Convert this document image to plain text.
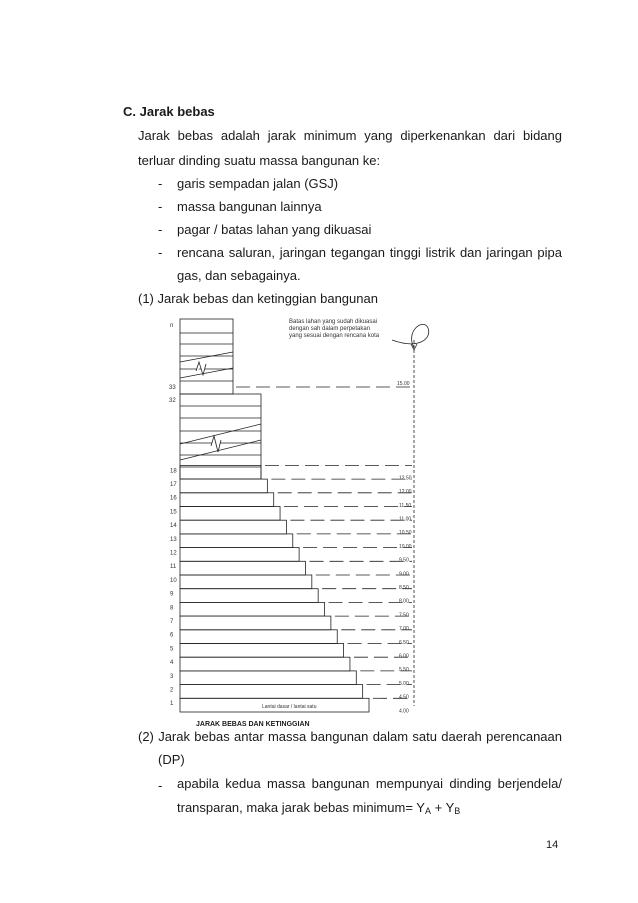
C. Jarak bebas
Jarak bebas adalah jarak minimum yang diperkenankan dari bidang
terluar dinding suatu massa bangunan ke:
- garis sempadan jalan (GSJ)
- massa bangunan lainnya
- pagar / batas lahan yang dikuasai
- rencana saluran, jaringan tegangan tinggi listrik dan jaringan pipa
gas, dan sebagainya.
(1) Jarak bebas dan ketinggian bangunan
1
2
3
4
5
6
7
8
9
10
11
12
13
14
15
16
17
18
32
33
n
4.00
4.50
5.00
5.50
6.00
6.50
7.00
7.50
8.00
8.50
9.00
9.50
10.00
10.50
11.00
11.50
12.00
12.50
15.00
Batas lahan yang sudah dikuasai
dengan sah dalam perpetakan
yang sesuai dengan rencana kota
Lantai dasar / lantai satu
JARAK BEBAS DAN KETINGGIAN
(2) Jarak bebas antar massa bangunan dalam satu daerah perencanaan
(DP)
- apabila kedua massa bangunan mempunyai dinding berjendela/
transparan, maka jarak bebas minimum= $Y_A + Y_B$
14
